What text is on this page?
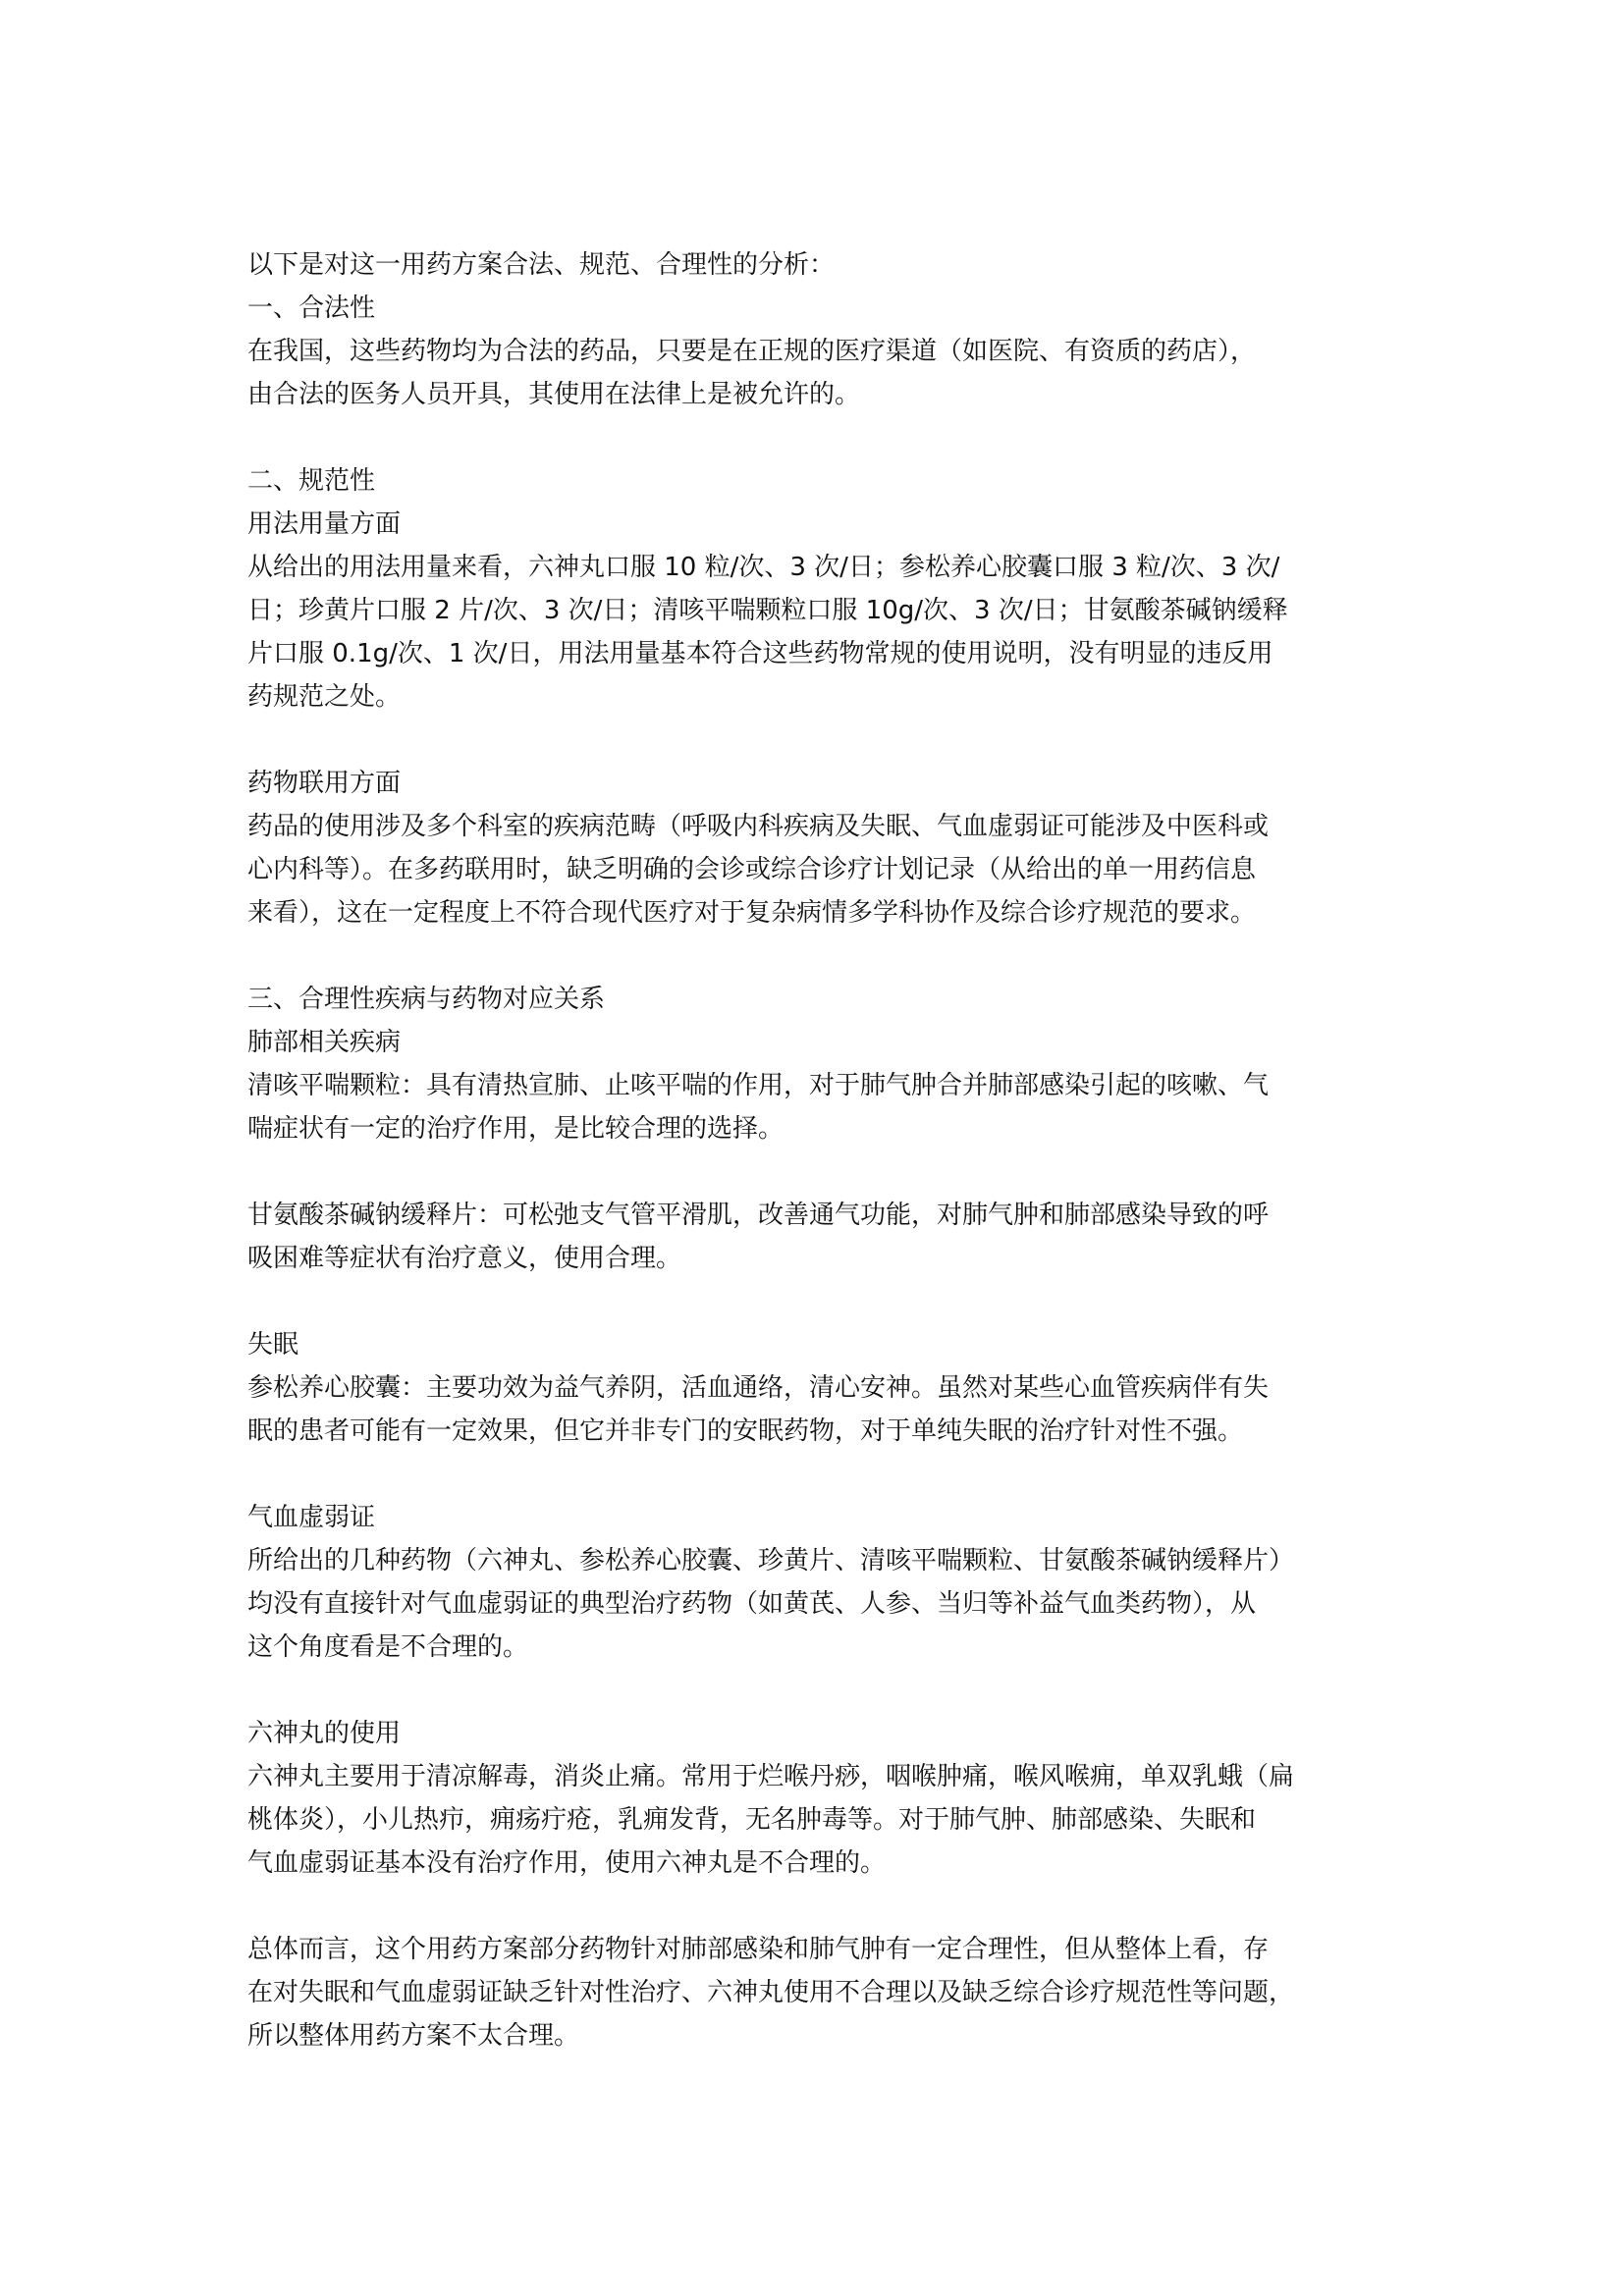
以下是对这一用药方案合法、规范、合理性的分析：

一、合法性

在我国，这些药物均为合法的药品，只要是在正规的医疗渠道（如医院、有资质的药店），

由合法的医务人员开具，其使用在法律上是被允许的。

二、规范性

用法用量方面

从给出的用法用量来看，六神丸口服 10 粒/次、3 次/日；参松养心胶囊口服 3 粒/次、3 次/

日；珍黄片口服 2 片/次、3 次/日；清咳平喘颗粒口服 10g/次、3 次/日；甘氨酸茶碱钠缓释

片口服 0.1g/次、1 次/日，用法用量基本符合这些药物常规的使用说明，没有明显的违反用

药规范之处。

药物联用方面

药品的使用涉及多个科室的疾病范畴（呼吸内科疾病及失眠、气血虚弱证可能涉及中医科或

心内科等）。在多药联用时，缺乏明确的会诊或综合诊疗计划记录（从给出的单一用药信息

来看），这在一定程度上不符合现代医疗对于复杂病情多学科协作及综合诊疗规范的要求。

三、合理性疾病与药物对应关系

肺部相关疾病

清咳平喘颗粒：具有清热宣肺、止咳平喘的作用，对于肺气肿合并肺部感染引起的咳嗽、气

喘症状有一定的治疗作用，是比较合理的选择。

甘氨酸茶碱钠缓释片：可松弛支气管平滑肌，改善通气功能，对肺气肿和肺部感染导致的呼

吸困难等症状有治疗意义，使用合理。

失眠

参松养心胶囊：主要功效为益气养阴，活血通络，清心安神。虽然对某些心血管疾病伴有失

眠的患者可能有一定效果，但它并非专门的安眠药物，对于单纯失眠的治疗针对性不强。

气血虚弱证

所给出的几种药物（六神丸、参松养心胶囊、珍黄片、清咳平喘颗粒、甘氨酸茶碱钠缓释片）

均没有直接针对气血虚弱证的典型治疗药物（如黄芪、人参、当归等补益气血类药物），从

这个角度看是不合理的。

六神丸的使用

六神丸主要用于清凉解毒，消炎止痛。常用于烂喉丹痧，咽喉肿痛，喉风喉痈，单双乳蛾（扁

桃体炎），小儿热疖，痈疡疔疮，乳痈发背，无名肿毒等。对于肺气肿、肺部感染、失眠和

气血虚弱证基本没有治疗作用，使用六神丸是不合理的。

总体而言，这个用药方案部分药物针对肺部感染和肺气肿有一定合理性，但从整体上看，存

在对失眠和气血虚弱证缺乏针对性治疗、六神丸使用不合理以及缺乏综合诊疗规范性等问题，

所以整体用药方案不太合理。
